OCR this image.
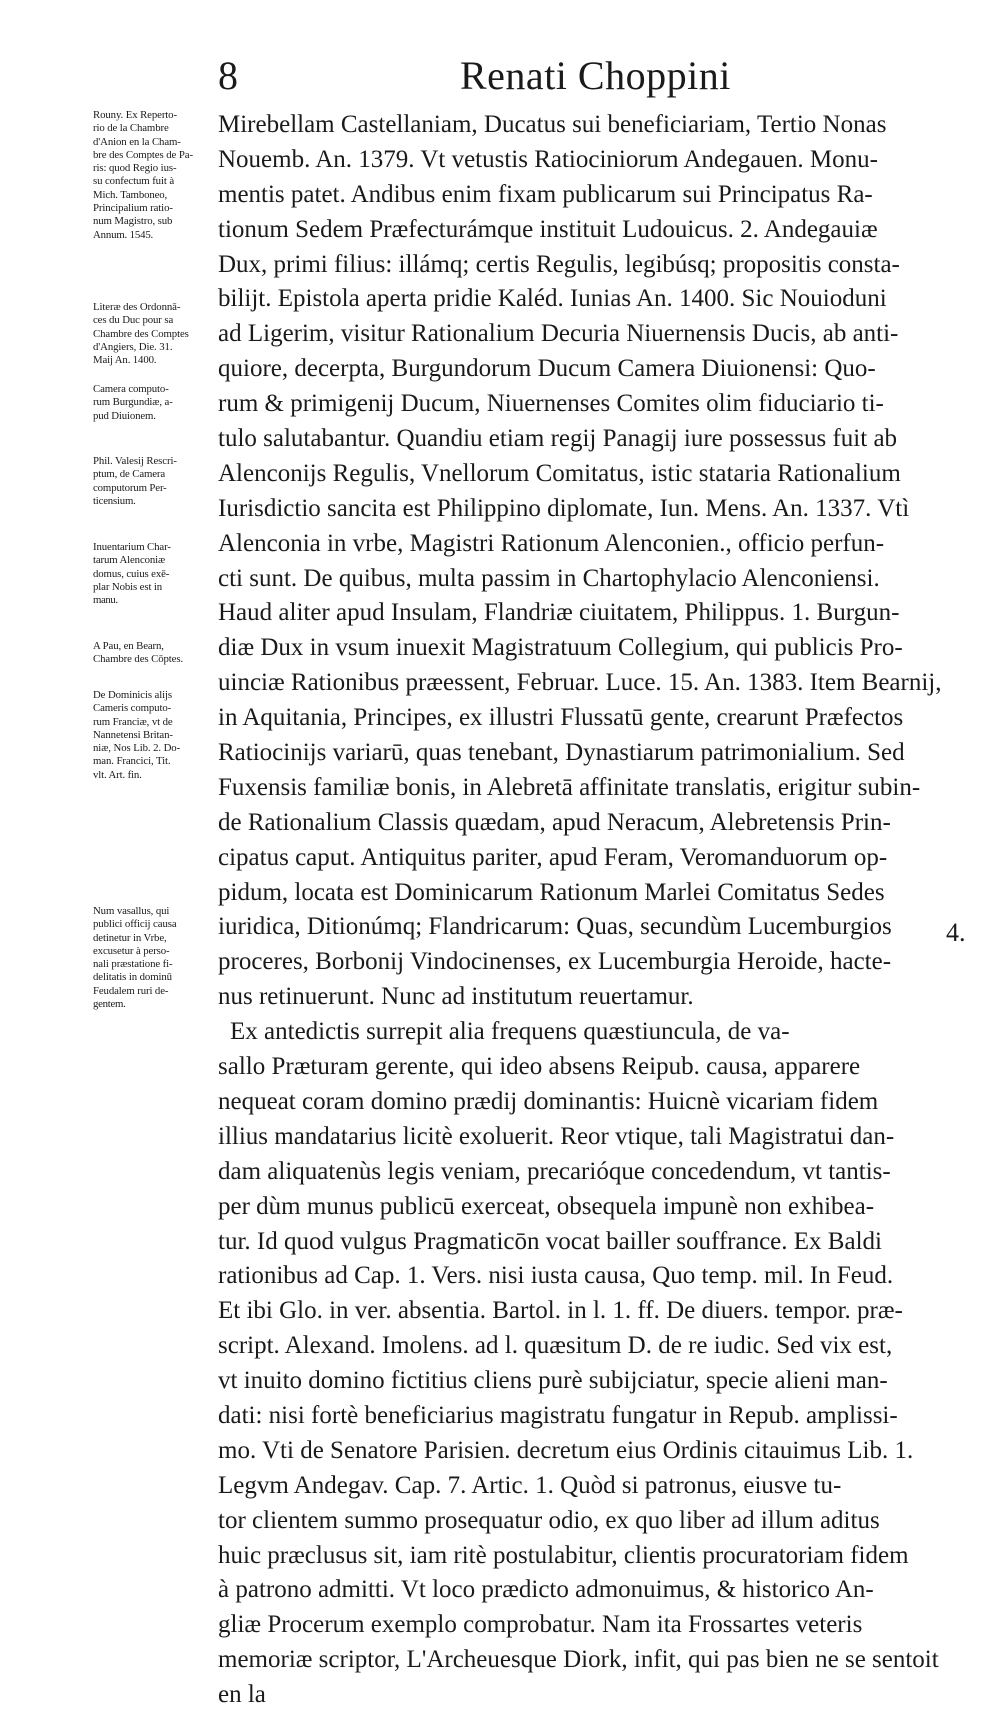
8	Renati Choppini
Mirebellam Castellaniam, Ducatus sui beneficiariam, Tertio Nonas
Nouemb. An. 1379. Vt vetustis Ratiociniorum Andegauen. Monu-
mentis patet. Andibus enim fixam publicarum sui Principatus Ra-
tionum Sedem Præfecturámque instituit Ludouicus. 2. Andegauiæ
Dux, primi filius: illámq; certis Regulis, legibúsq; propositis consta-
bilijt. Epistola aperta pridie Kaléd. Iunias An. 1400. Sic Nouioduni
ad Ligerim, visitur Rationalium Decuria Niuernensis Ducis, ab anti-
quiore, decerpta, Burgundorum Ducum Camera Diuionensi: Quo-
rum & primigenij Ducum, Niuernenses Comites olim fiduciario ti-
tulo salutabantur. Quandiu etiam regij Panagij iure possessus fuit ab
Alenconijs Regulis, Vnellorum Comitatus, istic stataria Rationalium
Iurisdictio sancita est Philippino diplomate, Iun. Mens. An. 1337. Vtì
Alenconia in vrbe, Magistri Rationum Alenconien., officio perfun-
cti sunt. De quibus, multa passim in Chartophylacio Alenconiensi.
Haud aliter apud Insulam, Flandriæ ciuitatem, Philippus. 1. Burgun-
diæ Dux in vsum inuexit Magistratuum Collegium, qui publicis Pro-
uinciæ Rationibus præessent, Februar. Luce. 15. An. 1383. Item Bearnij,
in Aquitania, Principes, ex illustri Flussatū gente, crearunt Præfectos
Ratiocinijs variarū, quas tenebant, Dynastiarum patrimonialium. Sed
Fuxensis familiæ bonis, in Alebretā affinitate translatis, erigitur subin-
de Rationalium Classis quædam, apud Neracum, Alebretensis Prin-
cipatus caput. Antiquitus pariter, apud Feram, Veromanduorum op-
pidum, locata est Dominicarum Rationum Marlei Comitatus Sedes
iuridica, Ditionúmq; Flandricarum: Quas, secundùm Lucemburgios
proceres, Borbonij Vindocinenses, ex Lucemburgia Heroide, hacte-
nus retinuerunt. Nunc ad institutum reuertamur.
Ex antedictis surrepit alia frequens quæstiuncula, de va-
sallo Præturam gerente, qui ideo absens Reipub. causa, apparere
nequeat coram domino prædij dominantis: Huicnè vicariam fidem
illius mandatarius licitè exoluerit. Reor vtique, tali Magistratui dan-
dam aliquatenùs legis veniam, precarióque concedendum, vt tantis-
per dùm munus publicū exerceat, obsequela impunè non exhibea-
tur. Id quod vulgus Pragmaticōn vocat bailler souffrance. Ex Baldi
rationibus ad Cap. 1. Vers. nisi iusta causa, Quo temp. mil. In Feud.
Et ibi Glo. in ver. absentia. Bartol. in l. 1. ff. De diuers. tempor. præ-
script. Alexand. Imolens. ad l. quæsitum D. de re iudic. Sed vix est,
vt inuito domino fictitius cliens purè subijciatur, specie alieni man-
dati: nisi fortè beneficiarius magistratu fungatur in Repub. amplissi-
mo. Vti de Senatore Parisien. decretum eius Ordinis citauimus Lib. 1.
Legvm Andegav. Cap. 7. Artic. 1. Quòd si patronus, eiusve tu-
tor clientem summo prosequatur odio, ex quo liber ad illum aditus
huic præclusus sit, iam ritè postulabitur, clientis procuratoriam fidem
à patrono admitti. Vt loco prædicto admonuimus, & historico An-
gliæ Procerum exemplo comprobatur. Nam ita Frossartes veteris
memoriæ scriptor, L'Archeuesque Diork, infit, qui pas bien ne se sentoit
en la
Rouny. Ex Reperto-
rio de la Chambre
d'Anion en la Cham-
bre des Comptes de Pa-
ris: quod Regio ius-
su confectum fuit à
Mich. Tamboneo,
Principalium ratio-
num Magistro, sub
Annum. 1545.
Literæ des Ordonnā-
ces du Duc pour sa
Chambre des Comptes
d'Angiers, Die. 31.
Maij An. 1400.
Camera computo-
rum Burgundiæ, a-
pud Diuionem.
Phil. Valesij Rescri-
ptum, de Camera
computorum Per-
ticensium.
Inuentarium Char-
tarum Alenconiæ
domus, cuius exē-
plar Nobis est in
manu.
A Pau, en Bearn,
Chambre des Cōptes.
De Dominicis alijs
Cameris computo-
rum Franciæ, vt de
Nannetensi Britan-
niæ, Nos Lib. 2. Do-
man. Francici, Tit.
vlt. Art. fin.
Num vasallus, qui
publici officij causa
detinetur in Vrbe,
excusetur à perso-
nali præstatione fi-
delitatis in dominū
Feudalem ruri de-
gentem.
4.
